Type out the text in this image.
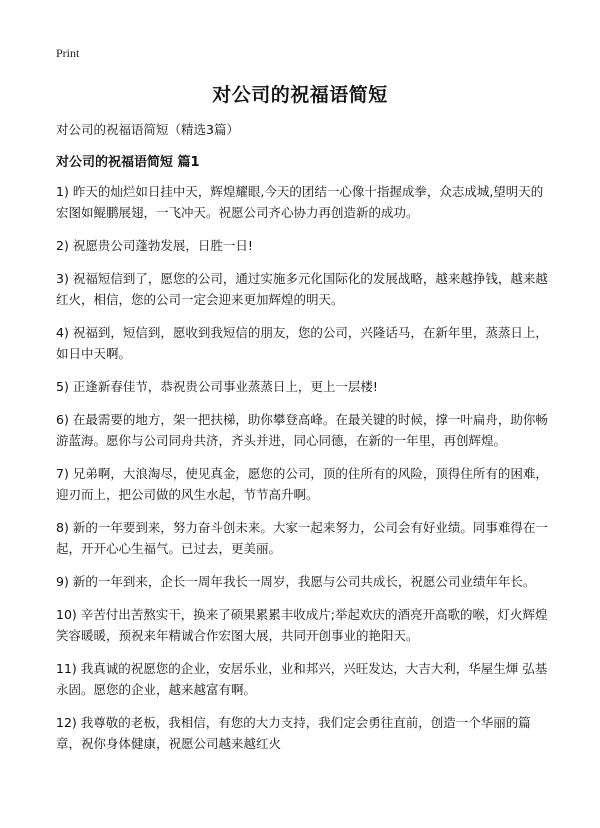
Print
对公司的祝福语简短
对公司的祝福语简短（精选3篇）
对公司的祝福语简短 篇1

1) 昨天的灿烂如日挂中天，辉煌耀眼,今天的团结一心像十指握成拳，众志成城,望明天的宏图如鲲鹏展翅，一飞冲天。祝愿公司齐心协力再创造新的成功。

2) 祝愿贵公司蓬勃发展，日胜一日!

3) 祝福短信到了，愿您的公司，通过实施多元化国际化的发展战略，越来越挣钱，越来越红火，相信，您的公司一定会迎来更加辉煌的明天。

4) 祝福到，短信到，愿收到我短信的朋友，您的公司，兴隆话马，在新年里，蒸蒸日上，如日中天啊。

5) 正逢新春佳节，恭祝贵公司事业蒸蒸日上，更上一层楼!

6) 在最需要的地方，架一把扶梯，助你攀登高峰。在最关键的时候，撑一叶扁舟，助你畅游蓝海。愿你与公司同舟共济，齐头并进，同心同德，在新的一年里，再创辉煌。

7) 兄弟啊，大浪淘尽，使见真金，愿您的公司，顶的住所有的风险，顶得住所有的困难，迎刃而上，把公司做的风生水起，节节高升啊。

8) 新的一年要到来，努力奋斗创未来。大家一起来努力，公司会有好业绩。同事难得在一起，开开心心生福气。已过去，更美丽。

9) 新的一年到来，企长一周年我长一周岁，我愿与公司共成长，祝愿公司业绩年年长。

10) 辛苦付出苦熬实干，换来了硕果累累丰收成片;举起欢庆的酒亮开高歌的喉，灯火辉煌笑容暖暖，预祝来年精诚合作宏图大展，共同开创事业的艳阳天。

11) 我真诚的祝愿您的企业，安居乐业，业和邦兴，兴旺发达，大吉大利，华屋生煇 弘基永固。愿您的企业，越来越富有啊。

12) 我尊敬的老板，我相信，有您的大力支持，我们定会勇往直前，创造一个华丽的篇章，祝你身体健康，祝愿公司越来越红火
